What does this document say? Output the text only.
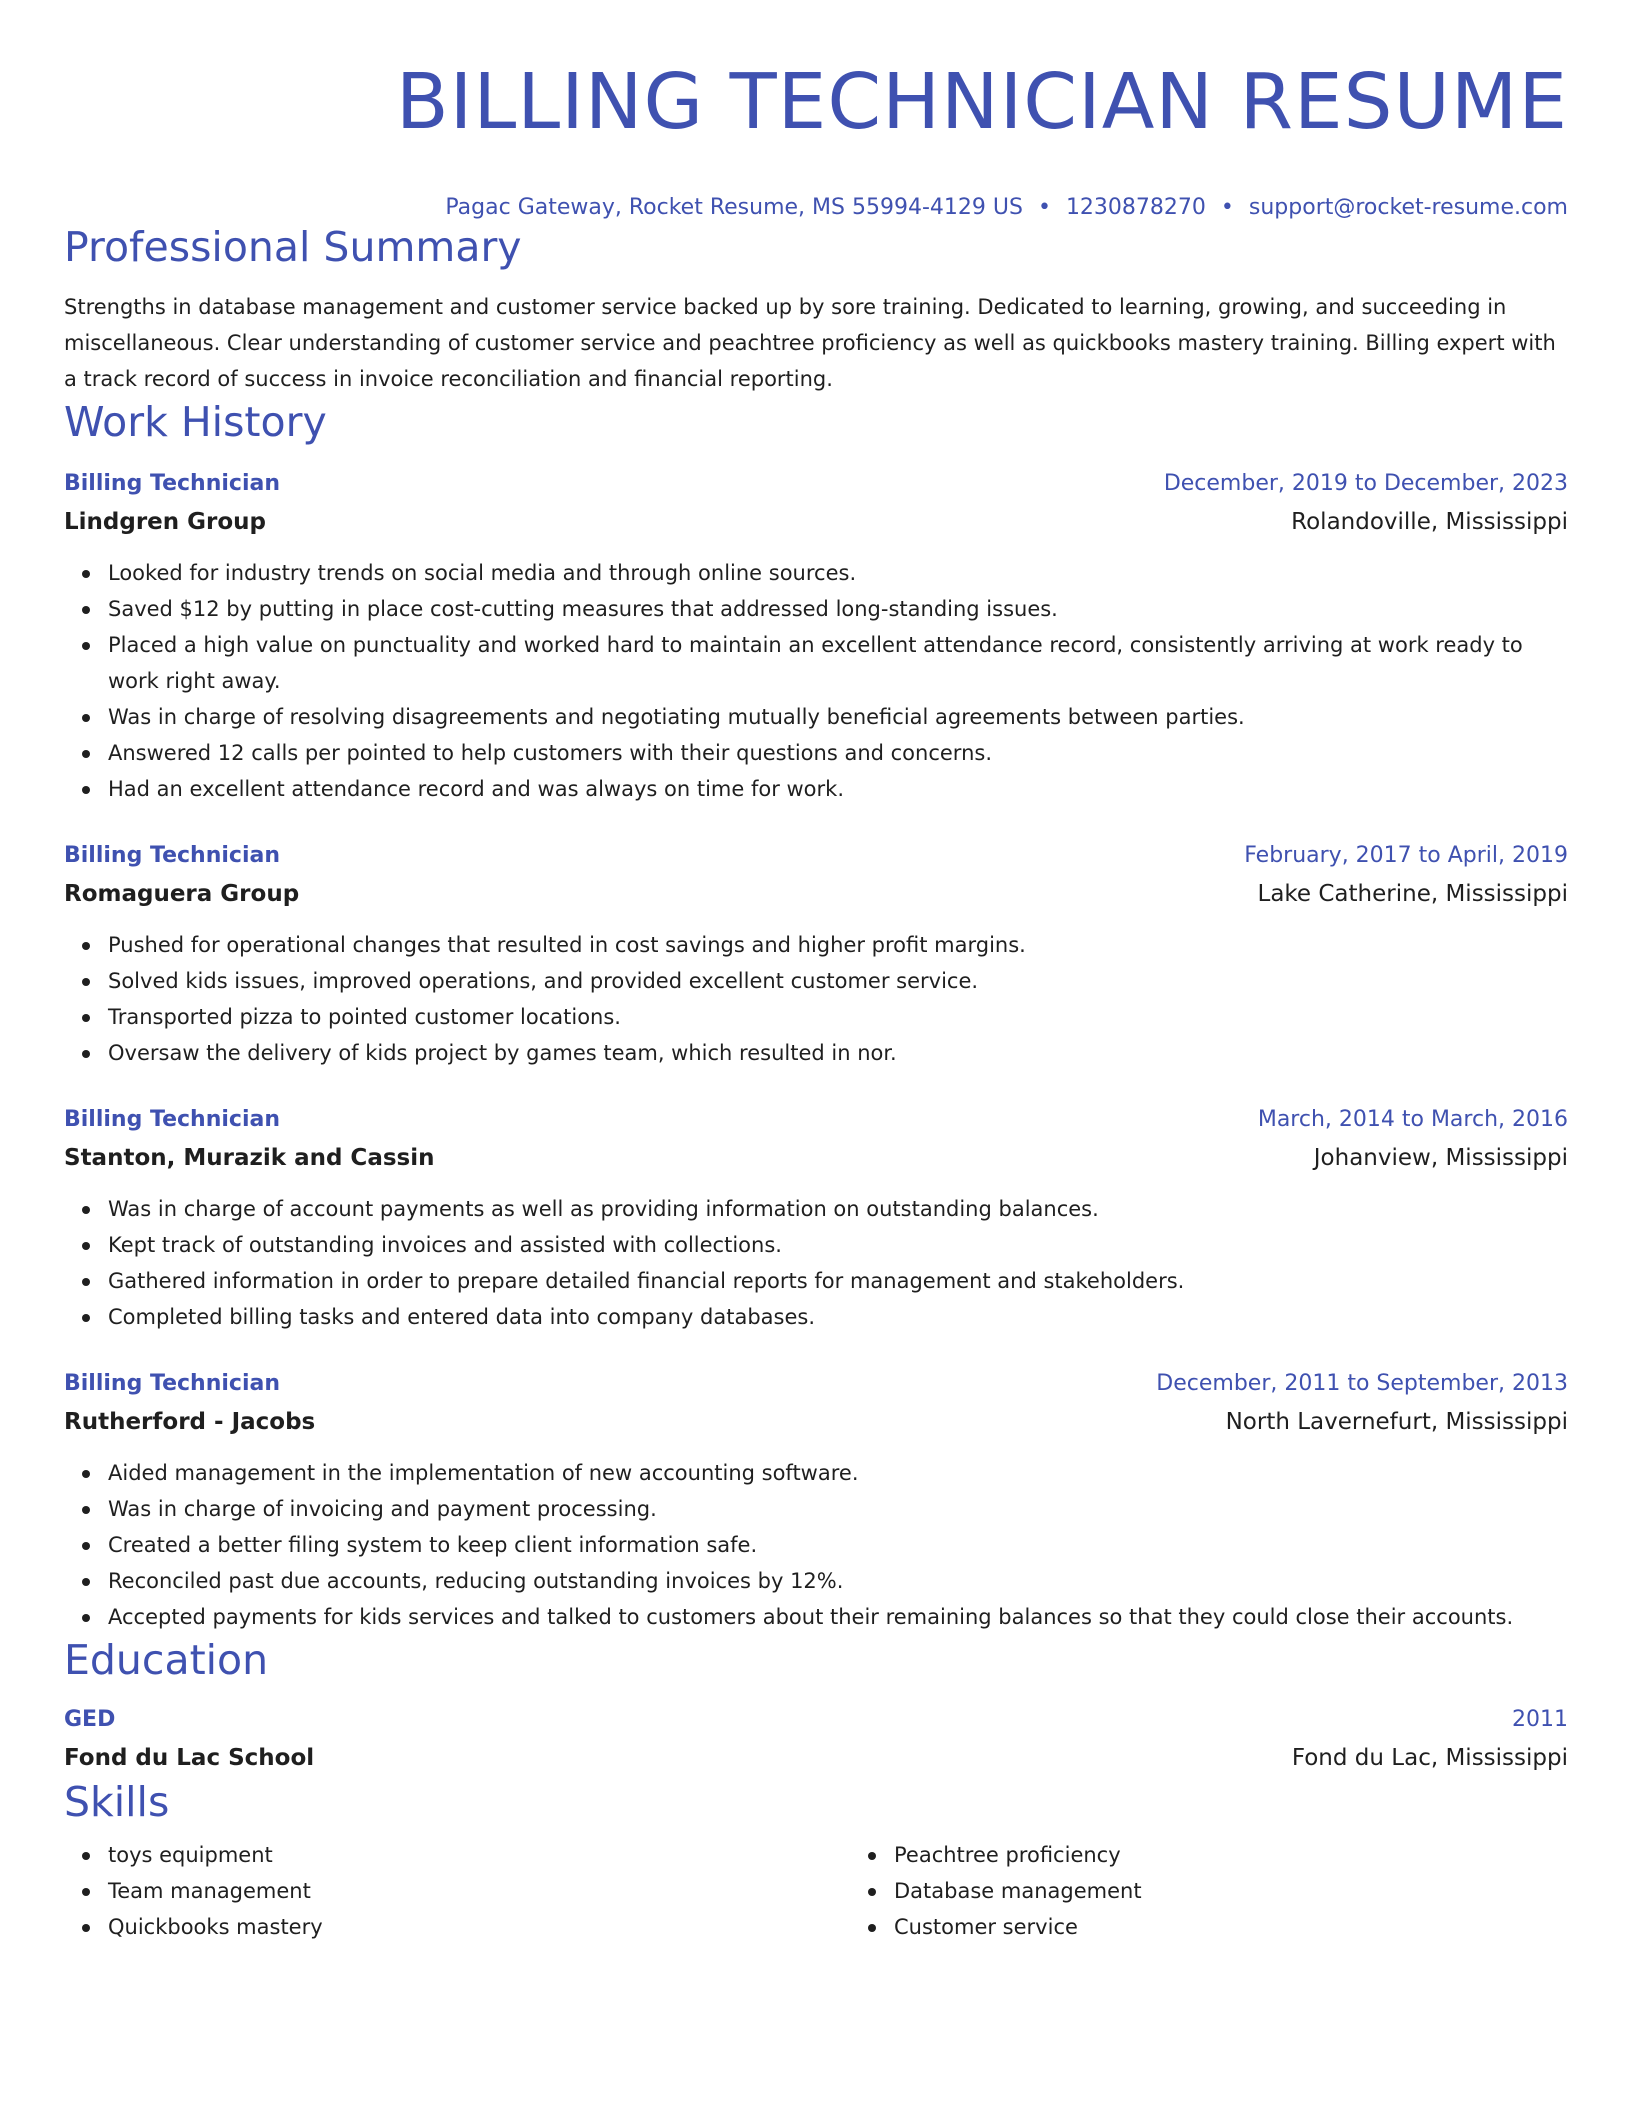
BILLING TECHNICIAN RESUME
Pagac Gateway, Rocket Resume, MS 55994-4129 US • 1230878270 • support@rocket-resume.com
Professional Summary
Strengths in database management and customer service backed up by sore training. Dedicated to learning, growing, and succeeding in miscellaneous. Clear understanding of customer service and peachtree proficiency as well as quickbooks mastery training. Billing expert with a track record of success in invoice reconciliation and financial reporting.
Work History
Billing Technician	December, 2019 to December, 2023
Lindgren Group	Rolandoville, Mississippi
Looked for industry trends on social media and through online sources.
Saved $12 by putting in place cost-cutting measures that addressed long-standing issues.
Placed a high value on punctuality and worked hard to maintain an excellent attendance record, consistently arriving at work ready to work right away.
Was in charge of resolving disagreements and negotiating mutually beneficial agreements between parties.
Answered 12 calls per pointed to help customers with their questions and concerns.
Had an excellent attendance record and was always on time for work.
Billing Technician	February, 2017 to April, 2019
Romaguera Group	Lake Catherine, Mississippi
Pushed for operational changes that resulted in cost savings and higher profit margins.
Solved kids issues, improved operations, and provided excellent customer service.
Transported pizza to pointed customer locations.
Oversaw the delivery of kids project by games team, which resulted in nor.
Billing Technician	March, 2014 to March, 2016
Stanton, Murazik and Cassin	Johanview, Mississippi
Was in charge of account payments as well as providing information on outstanding balances.
Kept track of outstanding invoices and assisted with collections.
Gathered information in order to prepare detailed financial reports for management and stakeholders.
Completed billing tasks and entered data into company databases.
Billing Technician	December, 2011 to September, 2013
Rutherford - Jacobs	North Lavernefurt, Mississippi
Aided management in the implementation of new accounting software.
Was in charge of invoicing and payment processing.
Created a better filing system to keep client information safe.
Reconciled past due accounts, reducing outstanding invoices by 12%.
Accepted payments for kids services and talked to customers about their remaining balances so that they could close their accounts.
Education
GED	2011
Fond du Lac School	Fond du Lac, Mississippi
Skills
toys equipment
Team management
Quickbooks mastery
Peachtree proficiency
Database management
Customer service
